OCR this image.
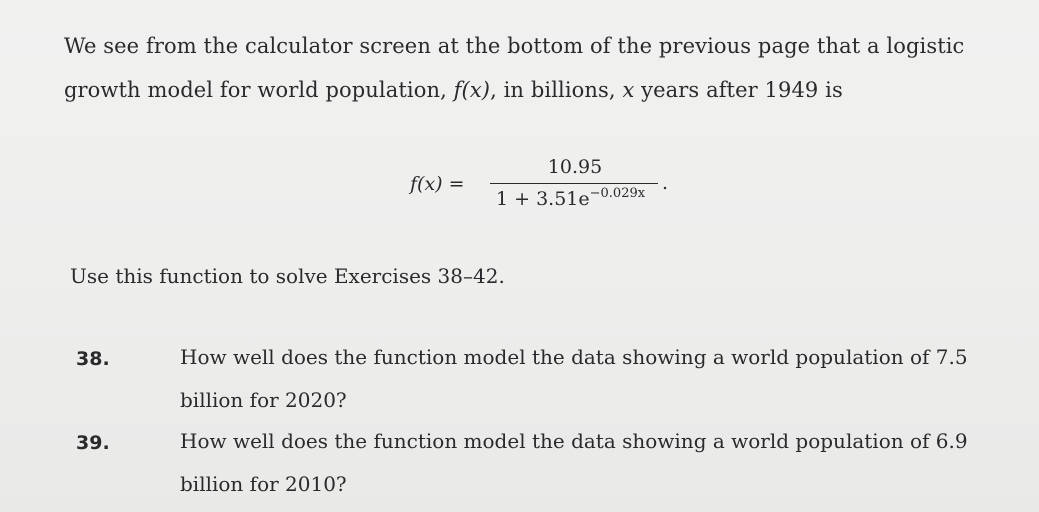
We see from the calculator screen at the bottom of the previous page that a logistic
growth model for world population, f(x), in billions, x years after 1949 is
f(x) =
10.95
$1 + 3.51e^{-0.029x}$ .
Use this function to solve Exercises 38–42.
38.	How well does the function model the data showing a world population of 7.5 billion for 2020?
39.	How well does the function model the data showing a world population of 6.9 billion for 2010?
